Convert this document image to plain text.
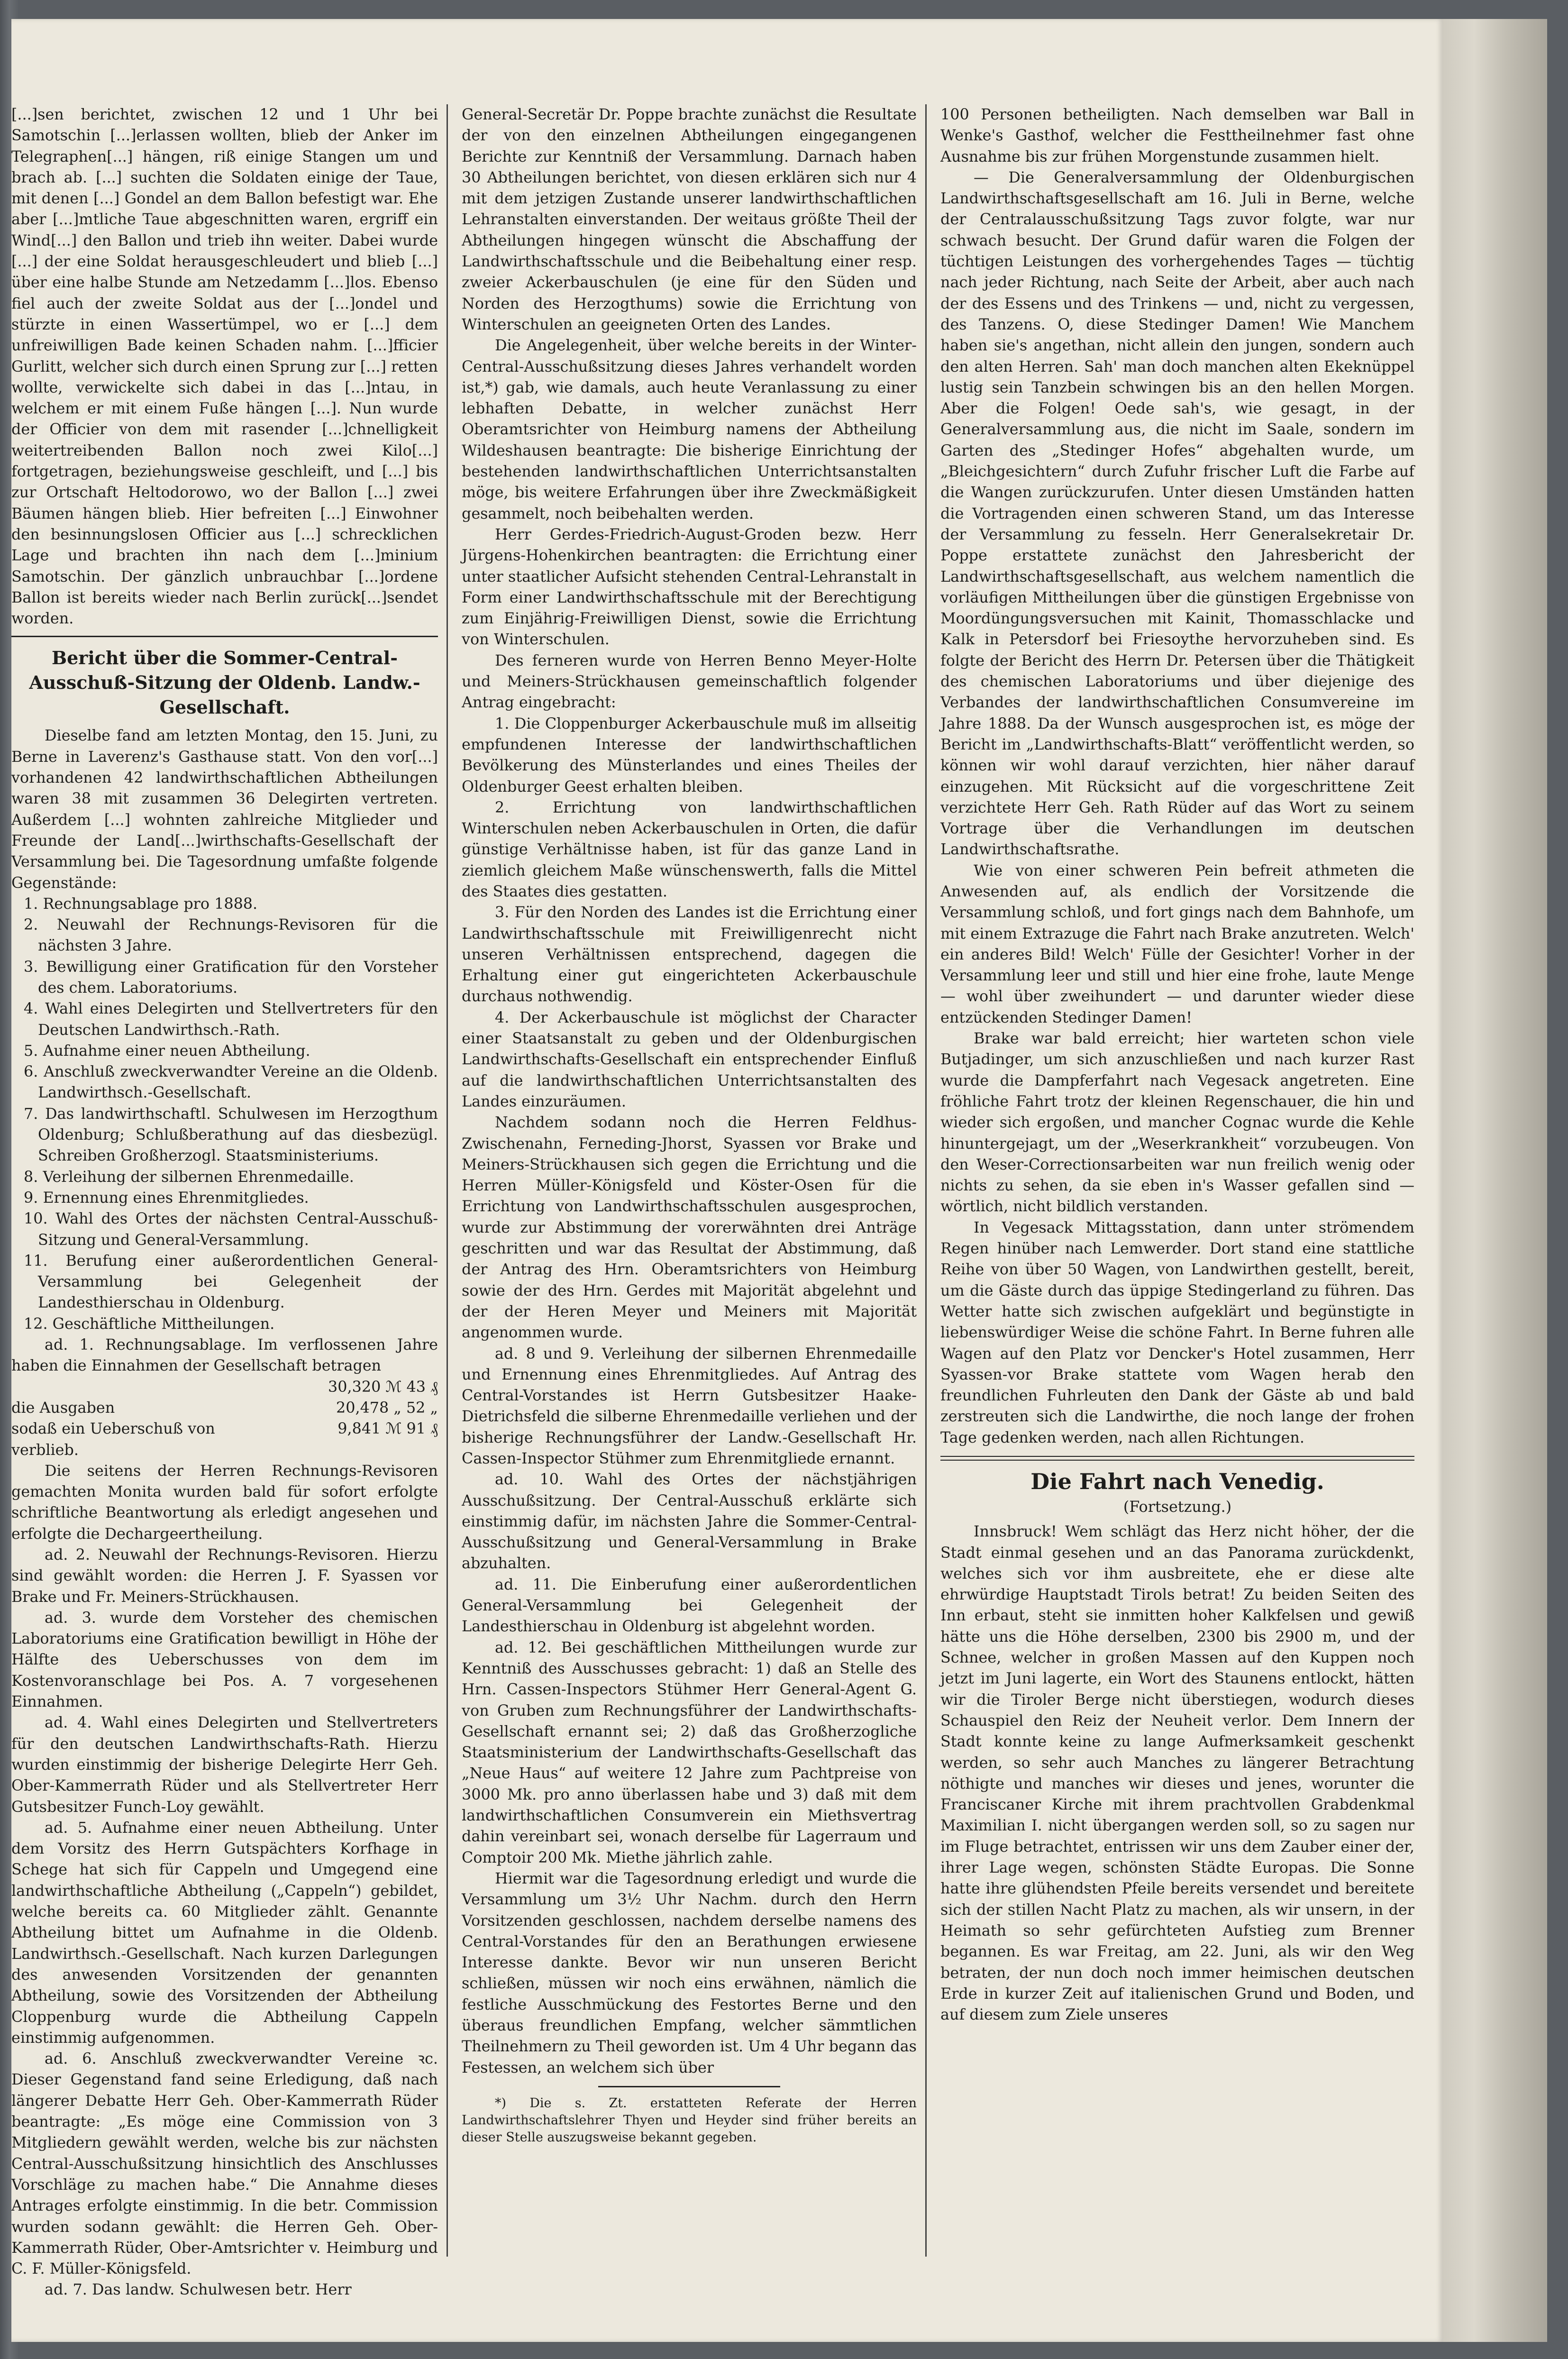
[...]sen berichtet, zwischen 12 und 1 Uhr bei Samotschin [...]erlassen wollten, blieb der Anker im Telegraphen[...] hängen, riß einige Stangen um und brach ab. [...] suchten die Soldaten einige der Taue, mit denen [...] Gondel an dem Ballon befestigt war. Ehe aber [...]mtliche Taue abgeschnitten waren, ergriff ein Wind[...] den Ballon und trieb ihn weiter. Dabei wurde [...] der eine Soldat herausgeschleudert und blieb [...] über eine halbe Stunde am Netzedamm [...]los. Ebenso fiel auch der zweite Soldat aus der [...]ondel und stürzte in einen Wassertümpel, wo er [...] dem unfreiwilligen Bade keinen Schaden nahm. [...]fficier Gurlitt, welcher sich durch einen Sprung zur [...] retten wollte, verwickelte sich dabei in das [...]ntau, in welchem er mit einem Fuße hängen [...]. Nun wurde der Officier von dem mit rasender [...]chnelligkeit weitertreibenden Ballon noch zwei Kilo[...] fortgetragen, beziehungsweise geschleift, und [...] bis zur Ortschaft Heltodorowo, wo der Ballon [...] zwei Bäumen hängen blieb. Hier befreiten [...] Einwohner den besinnungslosen Officier aus [...] schrecklichen Lage und brachten ihn nach dem [...]minium Samotschin. Der gänzlich unbrauchbar [...]ordene Ballon ist bereits wieder nach Berlin zurück[...]sendet worden.

Bericht über die Sommer-Central-Ausschuß-Sitzung der Oldenb. Landw.-Gesellschaft.

Dieselbe fand am letzten Montag, den 15. Juni, zu Berne in Laverenz's Gasthause statt. Von den vor[...] vorhandenen 42 landwirthschaftlichen Abtheilungen waren 38 mit zusammen 36 Delegirten vertreten. Außerdem [...] wohnten zahlreiche Mitglieder und Freunde der Land[...]wirthschafts-Gesellschaft der Versammlung bei. Die Tagesordnung umfaßte folgende Gegenstände:

1. Rechnungsablage pro 1888.
2. Neuwahl der Rechnungs-Revisoren für die nächsten 3 Jahre.
3. Bewilligung einer Gratification für den Vorsteher des chem. Laboratoriums.
4. Wahl eines Delegirten und Stellvertreters für den Deutschen Landwirthsch.-Rath.
5. Aufnahme einer neuen Abtheilung.
6. Anschluß zweckverwandter Vereine an die Oldenb. Landwirthsch.-Gesellschaft.
7. Das landwirthschaftl. Schulwesen im Herzogthum Oldenburg; Schlußberathung auf das diesbezügl. Schreiben Großherzogl. Staatsministeriums.
8. Verleihung der silbernen Ehrenmedaille.
9. Ernennung eines Ehrenmitgliedes.
10. Wahl des Ortes der nächsten Central-Ausschuß-Sitzung und General-Versammlung.
11. Berufung einer außerordentlichen General-Versammlung bei Gelegenheit der Landesthierschau in Oldenburg.
12. Geschäftliche Mittheilungen.

ad. 1. Rechnungsablage. Im verflossenen Jahre haben die Einnahmen der Gesellschaft betragen

30,320 ℳ 43 ₰
die Ausgaben	20,478 „ 52 „
sodaß ein Ueberschuß von	9,841 ℳ 91 ₰

verblieb.

Die seitens der Herren Rechnungs-Revisoren gemachten Monita wurden bald für sofort erfolgte schriftliche Beantwortung als erledigt angesehen und erfolgte die Dechargeertheilung.

ad. 2. Neuwahl der Rechnungs-Revisoren. Hierzu sind gewählt worden: die Herren J. F. Syassen vor Brake und Fr. Meiners-Strückhausen.

ad. 3. wurde dem Vorsteher des chemischen Laboratoriums eine Gratification bewilligt in Höhe der Hälfte des Ueberschusses von dem im Kostenvoranschlage bei Pos. A. 7 vorgesehenen Einnahmen.

ad. 4. Wahl eines Delegirten und Stellvertreters für den deutschen Landwirthschafts-Rath. Hierzu wurden einstimmig der bisherige Delegirte Herr Geh. Ober-Kammerrath Rüder und als Stellvertreter Herr Gutsbesitzer Funch-Loy gewählt.

ad. 5. Aufnahme einer neuen Abtheilung. Unter dem Vorsitz des Herrn Gutspächters Korfhage in Schege hat sich für Cappeln und Umgegend eine landwirthschaftliche Abtheilung („Cappeln“) gebildet, welche bereits ca. 60 Mitglieder zählt. Genannte Abtheilung bittet um Aufnahme in die Oldenb. Landwirthsch.-Gesellschaft. Nach kurzen Darlegungen des anwesenden Vorsitzenden der genannten Abtheilung, sowie des Vorsitzenden der Abtheilung Cloppenburg wurde die Abtheilung Cappeln einstimmig aufgenommen.

ad. 6. Anschluß zweckverwandter Vereine ꝛc. Dieser Gegenstand fand seine Erledigung, daß nach längerer Debatte Herr Geh. Ober-Kammerrath Rüder beantragte: „Es möge eine Commission von 3 Mitgliedern gewählt werden, welche bis zur nächsten Central-Ausschußsitzung hinsichtlich des Anschlusses Vorschläge zu machen habe.“ Die Annahme dieses Antrages erfolgte einstimmig. In die betr. Commission wurden sodann gewählt: die Herren Geh. Ober-Kammerrath Rüder, Ober-Amtsrichter v. Heimburg und C. F. Müller-Königsfeld.

ad. 7. Das landw. Schulwesen betr. Herr

General-Secretär Dr. Poppe brachte zunächst die Resultate der von den einzelnen Abtheilungen eingegangenen Berichte zur Kenntniß der Versammlung. Darnach haben 30 Abtheilungen berichtet, von diesen erklären sich nur 4 mit dem jetzigen Zustande unserer landwirthschaftlichen Lehranstalten einverstanden. Der weitaus größte Theil der Abtheilungen hingegen wünscht die Abschaffung der Landwirthschaftsschule und die Beibehaltung einer resp. zweier Ackerbauschulen (je eine für den Süden und Norden des Herzogthums) sowie die Errichtung von Winterschulen an geeigneten Orten des Landes.

Die Angelegenheit, über welche bereits in der Winter-Central-Ausschußsitzung dieses Jahres verhandelt worden ist,*) gab, wie damals, auch heute Veranlassung zu einer lebhaften Debatte, in welcher zunächst Herr Oberamtsrichter von Heimburg namens der Abtheilung Wildeshausen beantragte: Die bisherige Einrichtung der bestehenden landwirthschaftlichen Unterrichtsanstalten möge, bis weitere Erfahrungen über ihre Zweckmäßigkeit gesammelt, noch beibehalten werden.

Herr Gerdes-Friedrich-August-Groden bezw. Herr Jürgens-Hohenkirchen beantragten: die Errichtung einer unter staatlicher Aufsicht stehenden Central-Lehranstalt in Form einer Landwirthschaftsschule mit der Berechtigung zum Einjährig-Freiwilligen Dienst, sowie die Errichtung von Winterschulen.

Des ferneren wurde von Herren Benno Meyer-Holte und Meiners-Strückhausen gemeinschaftlich folgender Antrag eingebracht:

1. Die Cloppenburger Ackerbauschule muß im allseitig empfundenen Interesse der landwirthschaftlichen Bevölkerung des Münsterlandes und eines Theiles der Oldenburger Geest erhalten bleiben.

2. Errichtung von landwirthschaftlichen Winterschulen neben Ackerbauschulen in Orten, die dafür günstige Verhältnisse haben, ist für das ganze Land in ziemlich gleichem Maße wünschenswerth, falls die Mittel des Staates dies gestatten.

3. Für den Norden des Landes ist die Errichtung einer Landwirthschaftsschule mit Freiwilligenrecht nicht unseren Verhältnissen entsprechend, dagegen die Erhaltung einer gut eingerichteten Ackerbauschule durchaus nothwendig.

4. Der Ackerbauschule ist möglichst der Character einer Staatsanstalt zu geben und der Oldenburgischen Landwirthschafts-Gesellschaft ein entsprechender Einfluß auf die landwirthschaftlichen Unterrichtsanstalten des Landes einzuräumen.

Nachdem sodann noch die Herren Feldhus-Zwischenahn, Ferneding-Jhorst, Syassen vor Brake und Meiners-Strückhausen sich gegen die Errichtung und die Herren Müller-Königsfeld und Köster-Osen für die Errichtung von Landwirthschaftsschulen ausgesprochen, wurde zur Abstimmung der vorerwähnten drei Anträge geschritten und war das Resultat der Abstimmung, daß der Antrag des Hrn. Oberamtsrichters von Heimburg sowie der des Hrn. Gerdes mit Majorität abgelehnt und der der Heren Meyer und Meiners mit Majorität angenommen wurde.

ad. 8 und 9. Verleihung der silbernen Ehrenmedaille und Ernennung eines Ehrenmitgliedes. Auf Antrag des Central-Vorstandes ist Herrn Gutsbesitzer Haake-Dietrichsfeld die silberne Ehrenmedaille verliehen und der bisherige Rechnungsführer der Landw.-Gesellschaft Hr. Cassen-Inspector Stühmer zum Ehrenmitgliede ernannt.

ad. 10. Wahl des Ortes der nächstjährigen Ausschußsitzung. Der Central-Ausschuß erklärte sich einstimmig dafür, im nächsten Jahre die Sommer-Central-Ausschußsitzung und General-Versammlung in Brake abzuhalten.

ad. 11. Die Einberufung einer außerordentlichen General-Versammlung bei Gelegenheit der Landesthierschau in Oldenburg ist abgelehnt worden.

ad. 12. Bei geschäftlichen Mittheilungen wurde zur Kenntniß des Ausschusses gebracht: 1) daß an Stelle des Hrn. Cassen-Inspectors Stühmer Herr General-Agent G. von Gruben zum Rechnungsführer der Landwirthschafts-Gesellschaft ernannt sei; 2) daß das Großherzogliche Staatsministerium der Landwirthschafts-Gesellschaft das „Neue Haus“ auf weitere 12 Jahre zum Pachtpreise von 3000 Mk. pro anno überlassen habe und 3) daß mit dem landwirthschaftlichen Consumverein ein Miethsvertrag dahin vereinbart sei, wonach derselbe für Lagerraum und Comptoir 200 Mk. Miethe jährlich zahle.

Hiermit war die Tagesordnung erledigt und wurde die Versammlung um 3½ Uhr Nachm. durch den Herrn Vorsitzenden geschlossen, nachdem derselbe namens des Central-Vorstandes für den an Berathungen erwiesene Interesse dankte. Bevor wir nun unseren Bericht schließen, müssen wir noch eins erwähnen, nämlich die festliche Ausschmückung des Festortes Berne und den überaus freundlichen Empfang, welcher sämmtlichen Theilnehmern zu Theil geworden ist. Um 4 Uhr begann das Festessen, an welchem sich über

*) Die s. Zt. erstatteten Referate der Herren Landwirthschaftslehrer Thyen und Heyder sind früher bereits an dieser Stelle auszugsweise bekannt gegeben.

100 Personen betheiligten. Nach demselben war Ball in Wenke's Gasthof, welcher die Festtheilnehmer fast ohne Ausnahme bis zur frühen Morgenstunde zusammen hielt.

— Die Generalversammlung der Oldenburgischen Landwirthschaftsgesellschaft am 16. Juli in Berne, welche der Centralausschußsitzung Tags zuvor folgte, war nur schwach besucht. Der Grund dafür waren die Folgen der tüchtigen Leistungen des vorhergehendes Tages — tüchtig nach jeder Richtung, nach Seite der Arbeit, aber auch nach der des Essens und des Trinkens — und, nicht zu vergessen, des Tanzens. O, diese Stedinger Damen! Wie Manchem haben sie's angethan, nicht allein den jungen, sondern auch den alten Herren. Sah' man doch manchen alten Ekeknüppel lustig sein Tanzbein schwingen bis an den hellen Morgen. Aber die Folgen! Oede sah's, wie gesagt, in der Generalversammlung aus, die nicht im Saale, sondern im Garten des „Stedinger Hofes“ abgehalten wurde, um „Bleichgesichtern“ durch Zufuhr frischer Luft die Farbe auf die Wangen zurückzurufen. Unter diesen Umständen hatten die Vortragenden einen schweren Stand, um das Interesse der Versammlung zu fesseln. Herr Generalsekretair Dr. Poppe erstattete zunächst den Jahresbericht der Landwirthschaftsgesellschaft, aus welchem namentlich die vorläufigen Mittheilungen über die günstigen Ergebnisse von Moordüngungsversuchen mit Kainit, Thomasschlacke und Kalk in Petersdorf bei Friesoythe hervorzuheben sind. Es folgte der Bericht des Herrn Dr. Petersen über die Thätigkeit des chemischen Laboratoriums und über diejenige des Verbandes der landwirthschaftlichen Consumvereine im Jahre 1888. Da der Wunsch ausgesprochen ist, es möge der Bericht im „Landwirthschafts-Blatt“ veröffentlicht werden, so können wir wohl darauf verzichten, hier näher darauf einzugehen. Mit Rücksicht auf die vorgeschrittene Zeit verzichtete Herr Geh. Rath Rüder auf das Wort zu seinem Vortrage über die Verhandlungen im deutschen Landwirthschaftsrathe.

Wie von einer schweren Pein befreit athmeten die Anwesenden auf, als endlich der Vorsitzende die Versammlung schloß, und fort gings nach dem Bahnhofe, um mit einem Extrazuge die Fahrt nach Brake anzutreten. Welch' ein anderes Bild! Welch' Fülle der Gesichter! Vorher in der Versammlung leer und still und hier eine frohe, laute Menge — wohl über zweihundert — und darunter wieder diese entzückenden Stedinger Damen!

Brake war bald erreicht; hier warteten schon viele Butjadinger, um sich anzuschließen und nach kurzer Rast wurde die Dampferfahrt nach Vegesack angetreten. Eine fröhliche Fahrt trotz der kleinen Regenschauer, die hin und wieder sich ergoßen, und mancher Cognac wurde die Kehle hinuntergejagt, um der „Weserkrankheit“ vorzubeugen. Von den Weser-Correctionsarbeiten war nun freilich wenig oder nichts zu sehen, da sie eben in's Wasser gefallen sind — wörtlich, nicht bildlich verstanden.

In Vegesack Mittagsstation, dann unter strömendem Regen hinüber nach Lemwerder. Dort stand eine stattliche Reihe von über 50 Wagen, von Landwirthen gestellt, bereit, um die Gäste durch das üppige Stedingerland zu führen. Das Wetter hatte sich zwischen aufgeklärt und begünstigte in liebenswürdiger Weise die schöne Fahrt. In Berne fuhren alle Wagen auf den Platz vor Dencker's Hotel zusammen, Herr Syassen-vor Brake stattete vom Wagen herab den freundlichen Fuhrleuten den Dank der Gäste ab und bald zerstreuten sich die Landwirthe, die noch lange der frohen Tage gedenken werden, nach allen Richtungen.

Die Fahrt nach Venedig.
(Fortsetzung.)

Innsbruck! Wem schlägt das Herz nicht höher, der die Stadt einmal gesehen und an das Panorama zurückdenkt, welches sich vor ihm ausbreitete, ehe er diese alte ehrwürdige Hauptstadt Tirols betrat! Zu beiden Seiten des Inn erbaut, steht sie inmitten hoher Kalkfelsen und gewiß hätte uns die Höhe derselben, 2300 bis 2900 m, und der Schnee, welcher in großen Massen auf den Kuppen noch jetzt im Juni lagerte, ein Wort des Staunens entlockt, hätten wir die Tiroler Berge nicht überstiegen, wodurch dieses Schauspiel den Reiz der Neuheit verlor. Dem Innern der Stadt konnte keine zu lange Aufmerksamkeit geschenkt werden, so sehr auch Manches zu längerer Betrachtung nöthigte und manches wir dieses und jenes, worunter die Franciscaner Kirche mit ihrem prachtvollen Grabdenkmal Maximilian I. nicht übergangen werden soll, so zu sagen nur im Fluge betrachtet, entrissen wir uns dem Zauber einer der, ihrer Lage wegen, schönsten Städte Europas. Die Sonne hatte ihre glühendsten Pfeile bereits versendet und bereitete sich der stillen Nacht Platz zu machen, als wir unsern, in der Heimath so sehr gefürchteten Aufstieg zum Brenner begannen. Es war Freitag, am 22. Juni, als wir den Weg betraten, der nun doch noch immer heimischen deutschen Erde in kurzer Zeit auf italienischen Grund und Boden, und auf diesem zum Ziele unseres
